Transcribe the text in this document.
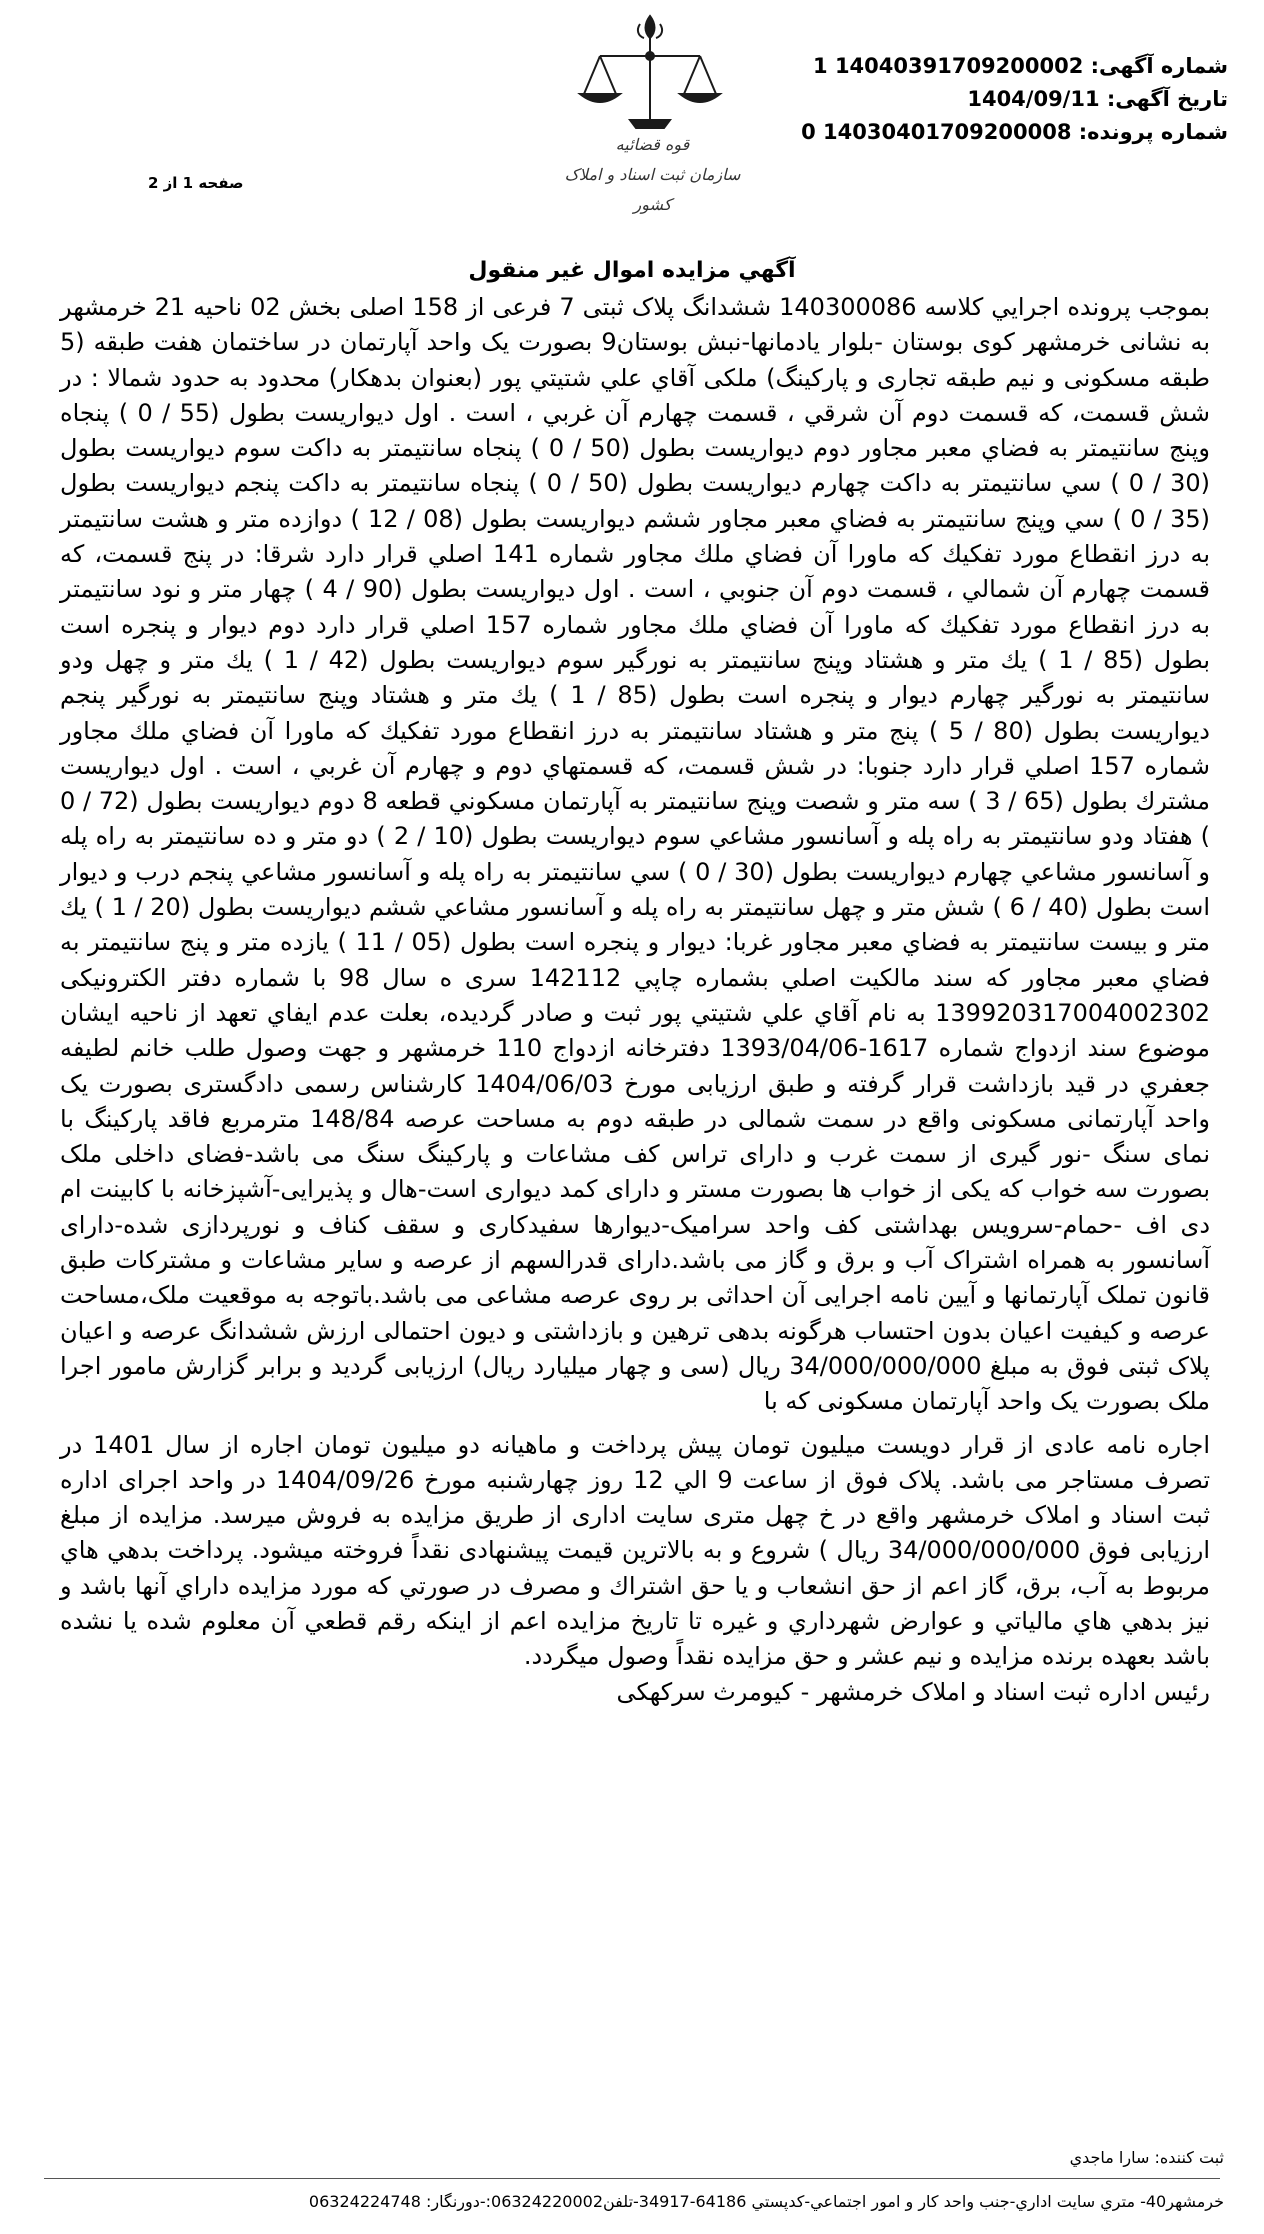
شماره آگهی: 14040391709200002 1
تاریخ آگهی: 1404/09/11
شماره پرونده: 14030401709200008 0
صفحه 1 از 2
قوه قضائیه
سازمان ثبت اسناد و املاک کشور
آگهي مزايده اموال غير منقول

بموجب پرونده اجرايي كلاسه 140300086 ششدانگ پلاک ثبتی 7 فرعی از 158 اصلی بخش 02 ناحیه 21 خرمشهر به نشانی خرمشهر کوی بوستان -بلوار یادمانها-نبش بوستان9 بصورت یک واحد آپارتمان در ساختمان هفت طبقه (5 طبقه مسکونی و نیم طبقه تجاری و پارکینگ) ملکی آقاي علي شتيتي پور (بعنوان بدهكار) محدود به حدود شمالا : در شش قسمت، كه قسمت دوم آن شرقي ، قسمت چهارم آن غربي ، است . اول دیواریست بطول (55 / 0 ) پنجاه وپنج سانتيمتر به فضاي معبر مجاور دوم ديواريست بطول (50 / 0 ) پنجاه سانتيمتر به داكت سوم ديواريست بطول (30 / 0 ) سي سانتيمتر به داكت چهارم ديواريست بطول (50 / 0 ) پنجاه سانتيمتر به داكت پنجم ديواريست بطول (35 / 0 ) سي وپنج سانتيمتر به فضاي معبر مجاور ششم ديواريست بطول (08 / 12 ) دوازده متر و هشت سانتيمتر به درز انقطاع مورد تفكيك كه ماورا آن فضاي ملك مجاور شماره 141 اصلي قرار دارد شرقا: در پنج قسمت، كه قسمت چهارم آن شمالي ، قسمت دوم آن جنوبي ، است . اول ديواريست بطول (90 / 4 ) چهار متر و نود سانتيمتر به درز انقطاع مورد تفكيك كه ماورا آن فضاي ملك مجاور شماره 157 اصلي قرار دارد دوم ديوار و پنجره است بطول (85 / 1 ) يك متر و هشتاد وپنج سانتيمتر به نورگير سوم ديواريست بطول (42 / 1 ) يك متر و چهل ودو سانتيمتر به نورگير چهارم ديوار و پنجره است بطول (85 / 1 ) يك متر و هشتاد وپنج سانتيمتر به نورگير پنجم ديواريست بطول (80 / 5 ) پنج متر و هشتاد سانتيمتر به درز انقطاع مورد تفكيك كه ماورا آن فضاي ملك مجاور شماره 157 اصلي قرار دارد جنوبا: در شش قسمت، كه قسمتهاي دوم و چهارم آن غربي ، است . اول ديواريست مشترك بطول (65 / 3 ) سه متر و شصت وپنج سانتيمتر به آپارتمان مسكوني قطعه 8 دوم ديواريست بطول (72 / 0 ) هفتاد ودو سانتيمتر به راه پله و آسانسور مشاعي سوم ديواريست بطول (10 / 2 ) دو متر و ده سانتيمتر به راه پله و آسانسور مشاعي چهارم ديواريست بطول (30 / 0 ) سي سانتيمتر به راه پله و آسانسور مشاعي پنجم درب و ديوار است بطول (40 / 6 ) شش متر و چهل سانتيمتر به راه پله و آسانسور مشاعي ششم ديواريست بطول (20 / 1 ) يك متر و بيست سانتيمتر به فضاي معبر مجاور غربا: ديوار و پنجره است بطول (05 / 11 ) يازده متر و پنج سانتيمتر به فضاي معبر مجاور كه سند مالكيت اصلي بشماره چاپي 142112 سری ه سال 98 با شماره دفتر الکترونیکی 139920317004002302 به نام آقاي علي شتيتي پور ثبت و صادر گرديده، بعلت عدم ايفاي تعهد از ناحيه ايشان موضوع سند ازدواج شماره 1617-1393/04/06 دفترخانه ازدواج 110 خرمشهر و جهت وصول طلب خانم لطيفه جعفري در قيد بازداشت قرار گرفته و طبق ارزیابی مورخ 1404/06/03 کارشناس رسمی دادگستری بصورت یک واحد آپارتمانی مسکونی واقع در سمت شمالی در طبقه دوم به مساحت عرصه 148/84 مترمربع فاقد پارکینگ با نمای سنگ -نور گیری از سمت غرب و دارای تراس کف مشاعات و پارکینگ سنگ می باشد-فضای داخلی ملک بصورت سه خواب که یکی از خواب ها بصورت مستر و دارای کمد دیواری است-هال و پذیرایی-آشپزخانه با کابینت ام دی اف -حمام-سرویس بهداشتی کف واحد سرامیک-دیوارها سفیدکاری و سقف کناف و نورپردازی شده-دارای آسانسور به همراه اشتراک آب و برق و گاز می باشد.دارای قدرالسهم از عرصه و سایر مشاعات و مشترکات طبق قانون تملک آپارتمانها و آیین نامه اجرایی آن احداثی بر روی عرصه مشاعی می باشد.باتوجه به موقعیت ملک،مساحت عرصه و کیفیت اعیان بدون احتساب هرگونه بدهی ترهین و بازداشتی و دیون احتمالی ارزش ششدانگ عرصه و اعیان پلاک ثبتی فوق به مبلغ 34/000/000/000 ریال (سی و چهار میلیارد ریال) ارزیابی گردید و برابر گزارش مامور اجرا ملک بصورت یک واحد آپارتمان مسکونی که با

اجاره نامه عادی از قرار دویست میلیون تومان پیش پرداخت و ماهیانه دو میلیون تومان اجاره از سال 1401 در تصرف مستاجر می باشد. پلاک فوق از ساعت 9 الي 12 روز چهارشنبه مورخ 1404/09/26 در واحد اجرای اداره ثبت اسناد و املاک خرمشهر واقع در خ چهل متری سایت اداری از طریق مزایده به فروش میرسد. مزايده از مبلغ ارزيابی فوق 34/000/000/000 ريال ) شروع و به بالاترين قيمت پيشنهادی نقداً فروخته ميشود. پرداخت بدهي هاي مربوط به آب، برق، گاز اعم از حق انشعاب و يا حق اشتراك و مصرف در صورتي كه مورد مزايده داراي آنها باشد و نيز بدهي هاي مالياتي و عوارض شهرداري و غيره تا تاريخ مزايده اعم از اينكه رقم قطعي آن معلوم شده يا نشده باشد بعهده برنده مزايده و نيم عشر و حق مزايده نقداً وصول ميگردد.

رئيس اداره ثبت اسناد و املاک خرمشهر - کیومرث سرکهکی

ثبت کننده: سارا ماجدي
خرمشهر40- متري سايت اداري-جنب واحد كار و امور اجتماعي-كدپستي 64186-34917-تلفن06324220002:-دورنگار: 06324224748
